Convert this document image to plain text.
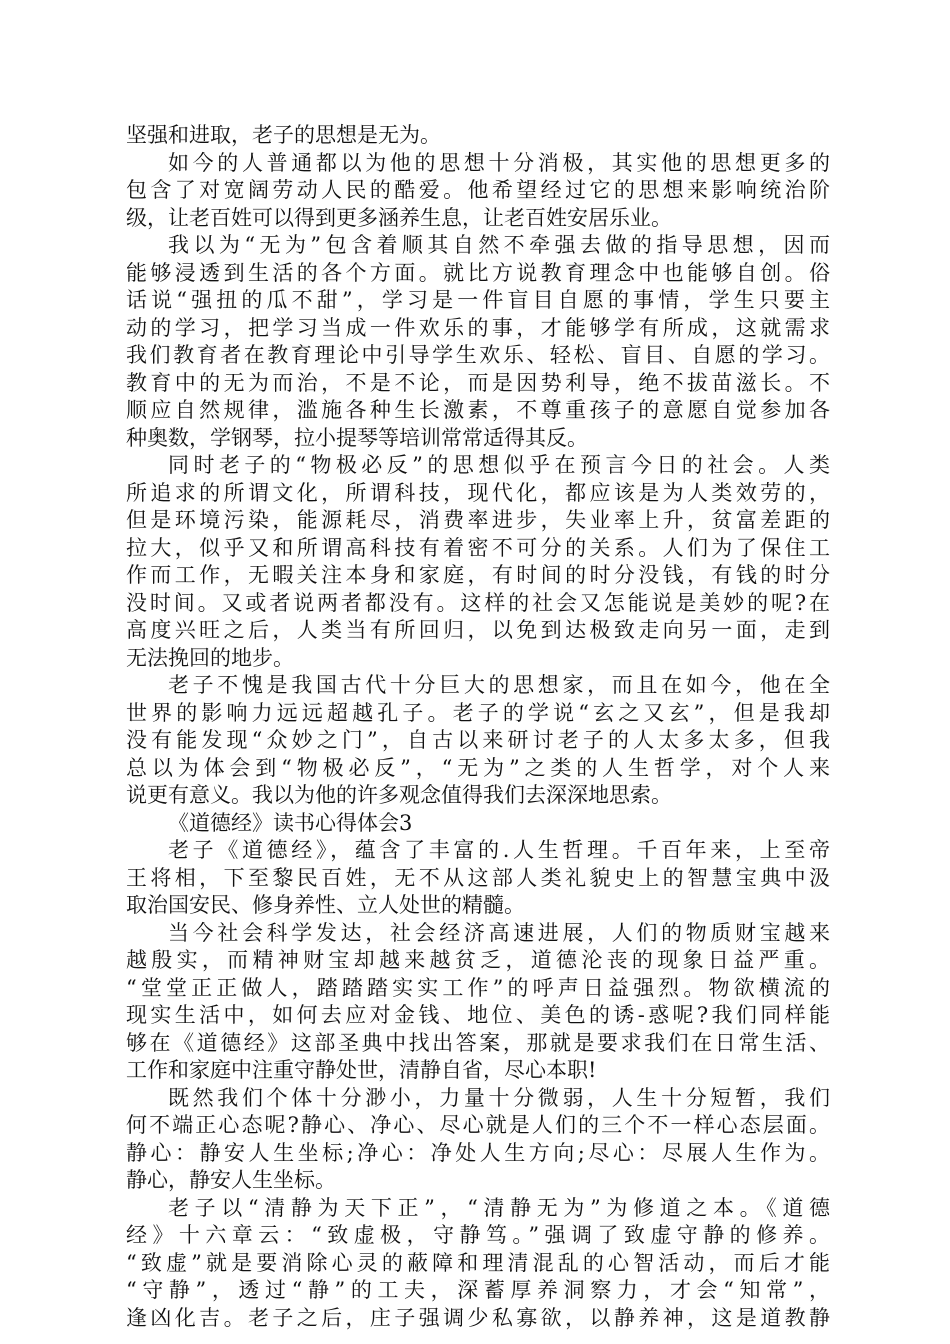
坚强和进取，老子的思想是无为。
如今的人普通都以为他的思想十分消极，其实他的思想更多的
包含了对宽阔劳动人民的酷爱。他希望经过它的思想来影响统治阶
级，让老百姓可以得到更多涵养生息，让老百姓安居乐业。
我以为“无为”包含着顺其自然不牵强去做的指导思想，因而
能够浸透到生活的各个方面。就比方说教育理念中也能够自创。俗
话说“强扭的瓜不甜”，学习是一件盲目自愿的事情，学生只要主
动的学习，把学习当成一件欢乐的事，才能够学有所成，这就需求
我们教育者在教育理论中引导学生欢乐、轻松、盲目、自愿的学习。
教育中的无为而治，不是不论，而是因势利导，绝不拔苗滋长。不
顺应自然规律，滥施各种生长激素，不尊重孩子的意愿自觉参加各
种奥数，学钢琴，拉小提琴等培训常常适得其反。
同时老子的“物极必反”的思想似乎在预言今日的社会。人类
所追求的所谓文化，所谓科技，现代化，都应该是为人类效劳的，
但是环境污染，能源耗尽，消费率进步，失业率上升，贫富差距的
拉大，似乎又和所谓高科技有着密不可分的关系。人们为了保住工
作而工作，无暇关注本身和家庭，有时间的时分没钱，有钱的时分
没时间。又或者说两者都没有。这样的社会又怎能说是美妙的呢?在
高度兴旺之后，人类当有所回归，以免到达极致走向另一面，走到
无法挽回的地步。
老子不愧是我国古代十分巨大的思想家，而且在如今，他在全
世界的影响力远远超越孔子。老子的学说“玄之又玄”，但是我却
没有能发现“众妙之门”，自古以来研讨老子的人太多太多，但我
总以为体会到“物极必反”，“无为”之类的人生哲学，对个人来
说更有意义。我以为他的许多观念值得我们去深深地思索。
《道德经》读书心得体会3
老子《道德经》，蕴含了丰富的.人生哲理。千百年来，上至帝
王将相，下至黎民百姓，无不从这部人类礼貌史上的智慧宝典中汲
取治国安民、修身养性、立人处世的精髓。
当今社会科学发达，社会经济高速进展，人们的物质财宝越来
越殷实，而精神财宝却越来越贫乏，道德沦丧的现象日益严重。
“堂堂正正做人，踏踏踏实实工作”的呼声日益强烈。物欲横流的
现实生活中，如何去应对金钱、地位、美色的诱-惑呢?我们同样能
够在《道德经》这部圣典中找出答案，那就是要求我们在日常生活、
工作和家庭中注重守静处世，清静自省，尽心本职!
既然我们个体十分渺小，力量十分微弱，人生十分短暂，我们
何不端正心态呢?静心、净心、尽心就是人们的三个不一样心态层面。
静心：静安人生坐标;净心：净处人生方向;尽心：尽展人生作为。
静心，静安人生坐标。
老子以“清静为天下正”，“清静无为”为修道之本。《道德
经》十六章云：“致虚极，守静笃。”强调了致虚守静的修养。
“致虚”就是要消除心灵的蔽障和理清混乱的心智活动，而后才能
“守静”，透过“静”的工夫，深蓄厚养洞察力，才会“知常”，
逢凶化吉。老子之后，庄子强调少私寡欲，以静养神，这是道教静
